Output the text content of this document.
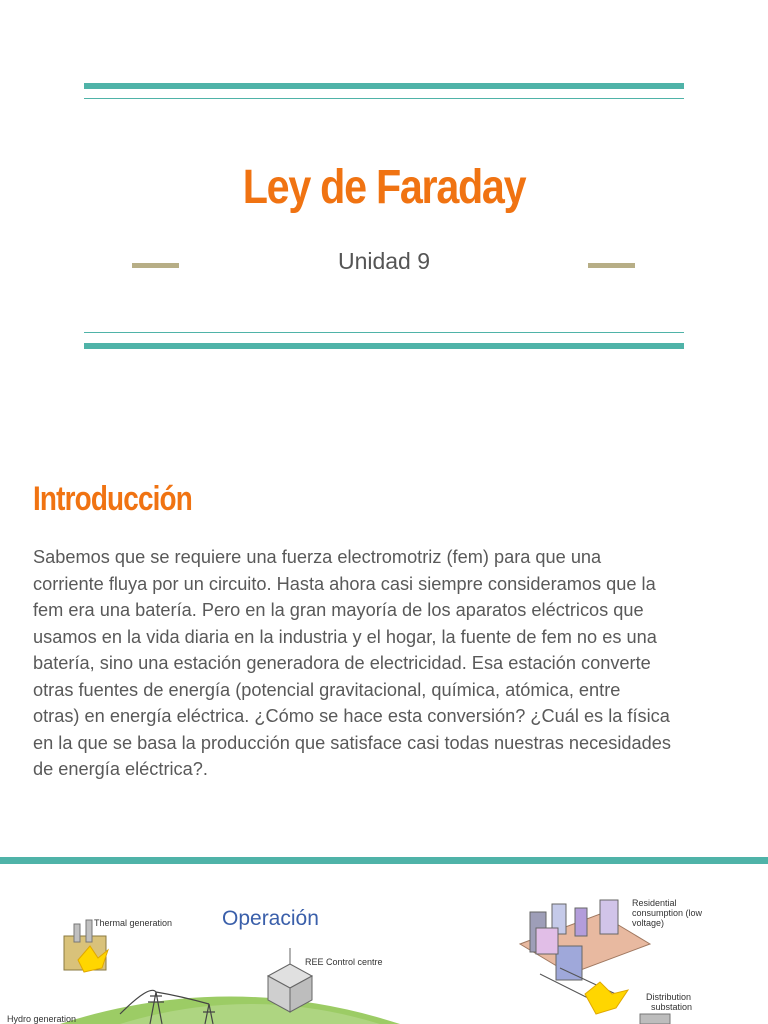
Ley de Faraday
Unidad 9
Introducción
Sabemos que se requiere una fuerza electromotriz (fem) para que una
corriente fluya por un circuito. Hasta ahora casi siempre consideramos que la
fem era una batería. Pero en la gran mayoría de los aparatos eléctricos que
usamos en la vida diaria en la industria y el hogar, la fuente de fem no es una
batería, sino una estación generadora de electricidad. Esa estación converte
otras fuentes de energía (potencial gravitacional, química, atómica, entre
otras) en energía eléctrica. ¿Cómo se hace esta conversión? ¿Cuál es la física
en la que se basa la producción que satisface casi todas nuestras necesidades
de energía eléctrica?.
Operación
Thermal generation
REE Control centre
Hydro generation
Residential
consumption (low
voltage)
Distribution
substation
